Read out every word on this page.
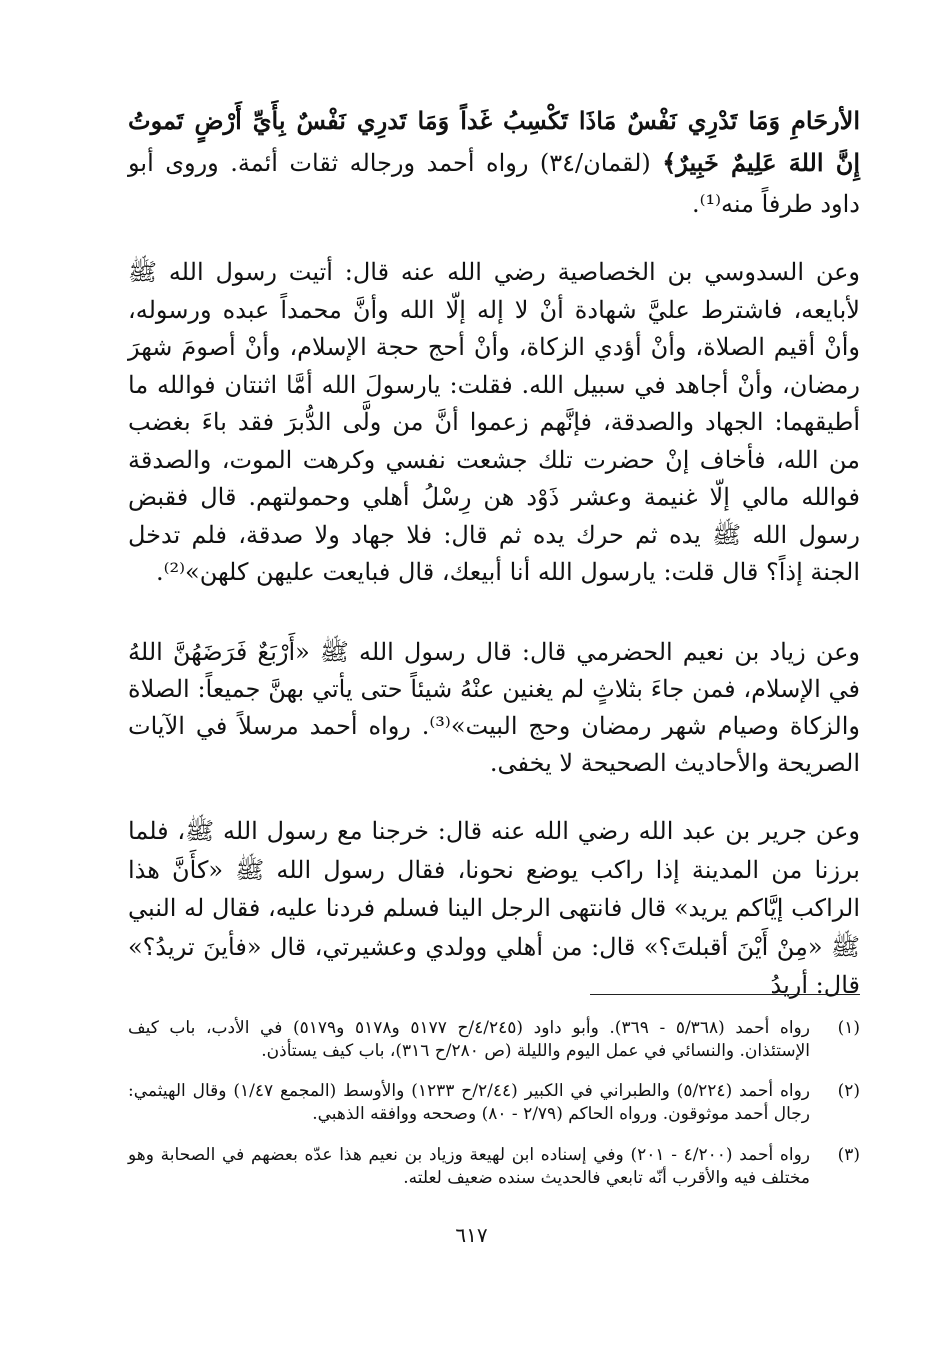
الأرحَامِ وَمَا تَدْرِي نَفْسٌ مَاذَا تَكْسِبُ غَداً وَمَا تَدرِي نَفْسٌ بِأَيِّ أَرْضٍ تَموتُ إِنَّ اللهَ عَلِيمٌ خَبِيرٌ﴾ (لقمان/٣٤) رواه أحمد ورجاله ثقات أئمة. وروى أبو داود طرفاً منه⁽¹⁾.
وعن السدوسي بن الخصاصية رضي الله عنه قال: أتيت رسول الله ﷺ لأبايعه، فاشترط عليَّ شهادة أنْ لا إله إلّا الله وأنَّ محمداً عبده ورسوله، وأنْ أقيم الصلاة، وأنْ أؤدي الزكاة، وأنْ أحج حجة الإسلام، وأنْ أصومَ شهرَ رمضان، وأنْ أجاهد في سبيل الله. فقلت: يارسولَ الله أمَّا اثنتان فوالله ما أطيقهما: الجهاد والصدقة، فإنَّهم زعموا أنَّ من ولَّى الدُّبرَ فقد باءَ بغضب من الله، فأخاف إنْ حضرت تلك جشعت نفسي وكرهت الموت، والصدقة فوالله مالي إلّا غنيمة وعشر ذَوْد هن رِسْلُ أهلي وحمولتهم. قال فقبض رسول الله ﷺ يده ثم حرك يده ثم قال: فلا جهاد ولا صدقة، فلم تدخل الجنة إذاً؟ قال قلت: يارسول الله أنا أبيعك، قال فبايعت عليهن كلهن»⁽²⁾.
وعن زياد بن نعيم الحضرمي قال: قال رسول الله ﷺ «أَرْبَعٌ فَرَضَهُنَّ اللهُ في الإسلام، فمن جاءَ بثلاثٍ لم يغنين عنْهُ شيئاً حتى يأتي بهنَّ جميعاً: الصلاة والزكاة وصيام شهر رمضان وحج البيت»⁽³⁾. رواه أحمد مرسلاً في الآيات الصريحة والأحاديث الصحيحة لا يخفى.
وعن جرير بن عبد الله رضي الله عنه قال: خرجنا مع رسول الله ﷺ، فلما برزنا من المدينة إذا راكب يوضع نحونا، فقال رسول الله ﷺ «كأَنَّ هذا الراكب إيَّاكم يريد» قال فانتهى الرجل الينا فسلم فردنا عليه، فقال له النبي ﷺ «مِنْ أَيْنَ أقبلتَ؟» قال: من أهلي وولدي وعشيرتي، قال «فأينَ تريدُ؟» قال: أريدُ
(١)
رواه أحمد (٥/٣٦٨ - ٣٦٩). وأبو داود (٤/٢٤٥/ح ٥١٧٧ و٥١٧٨ و٥١٧٩) في الأدب، باب كيف الإستئذان. والنسائي في عمل اليوم والليلة (ص ٢٨٠/ح ٣١٦)، باب كيف يستأذن.
(٢)
رواه أحمد (٥/٢٢٤) والطبراني في الكبير (٢/٤٤/ح ١٢٣٣) والأوسط (المجمع ١/٤٧) وقال الهيثمي: رجال أحمد موثوقون. ورواه الحاكم (٢/٧٩ - ٨٠) وصححه ووافقه الذهبي.
(٣)
رواه أحمد (٤/٢٠٠ - ٢٠١) وفي إسناده ابن لهيعة وزياد بن نعيم هذا عدّه بعضهم في الصحابة وهو مختلف فيه والأقرب أنّه تابعي فالحديث سنده ضعيف لعلته.
٦١٧
